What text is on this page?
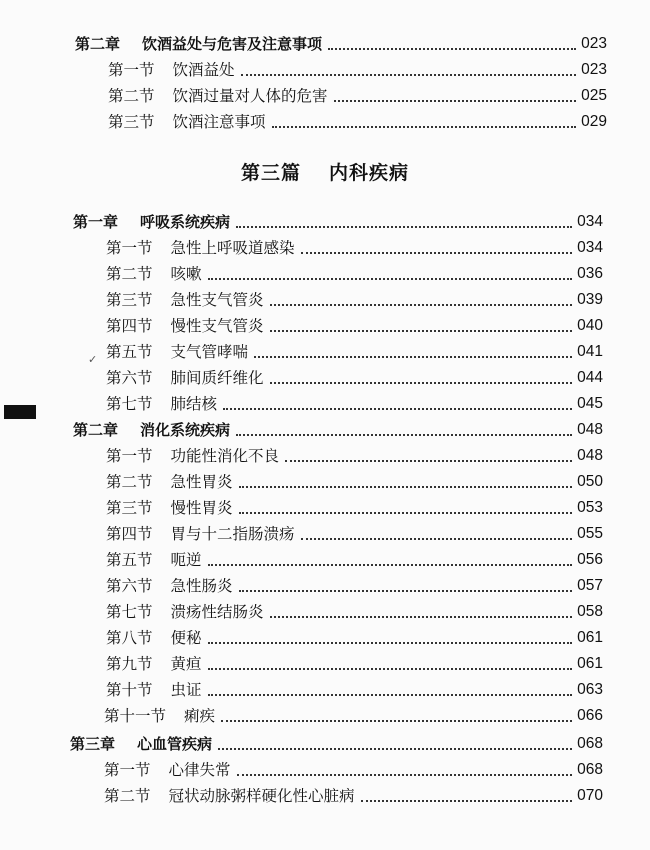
第二章 饮酒益处与危害及注意事项	023
第一节 饮酒益处	023
第二节 饮酒过量对人体的危害	025
第三节 饮酒注意事项	029
第三篇 内科疾病
第一章 呼吸系统疾病	034
第一节 急性上呼吸道感染	034
第二节 咳嗽	036
第三节 急性支气管炎	039
第四节 慢性支气管炎	040
✓ 第五节 支气管哮喘	041
第六节 肺间质纤维化	044
第七节 肺结核	045
第二章 消化系统疾病	048
第一节 功能性消化不良	048
第二节 急性胃炎	050
第三节 慢性胃炎	053
第四节 胃与十二指肠溃疡	055
第五节 呃逆	056
第六节 急性肠炎	057
第七节 溃疡性结肠炎	058
第八节 便秘	061
第九节 黄疸	061
第十节 虫证	063
第十一节 痢疾	066
第三章 心血管疾病	068
第一节 心律失常	068
第二节 冠状动脉粥样硬化性心脏病	070
